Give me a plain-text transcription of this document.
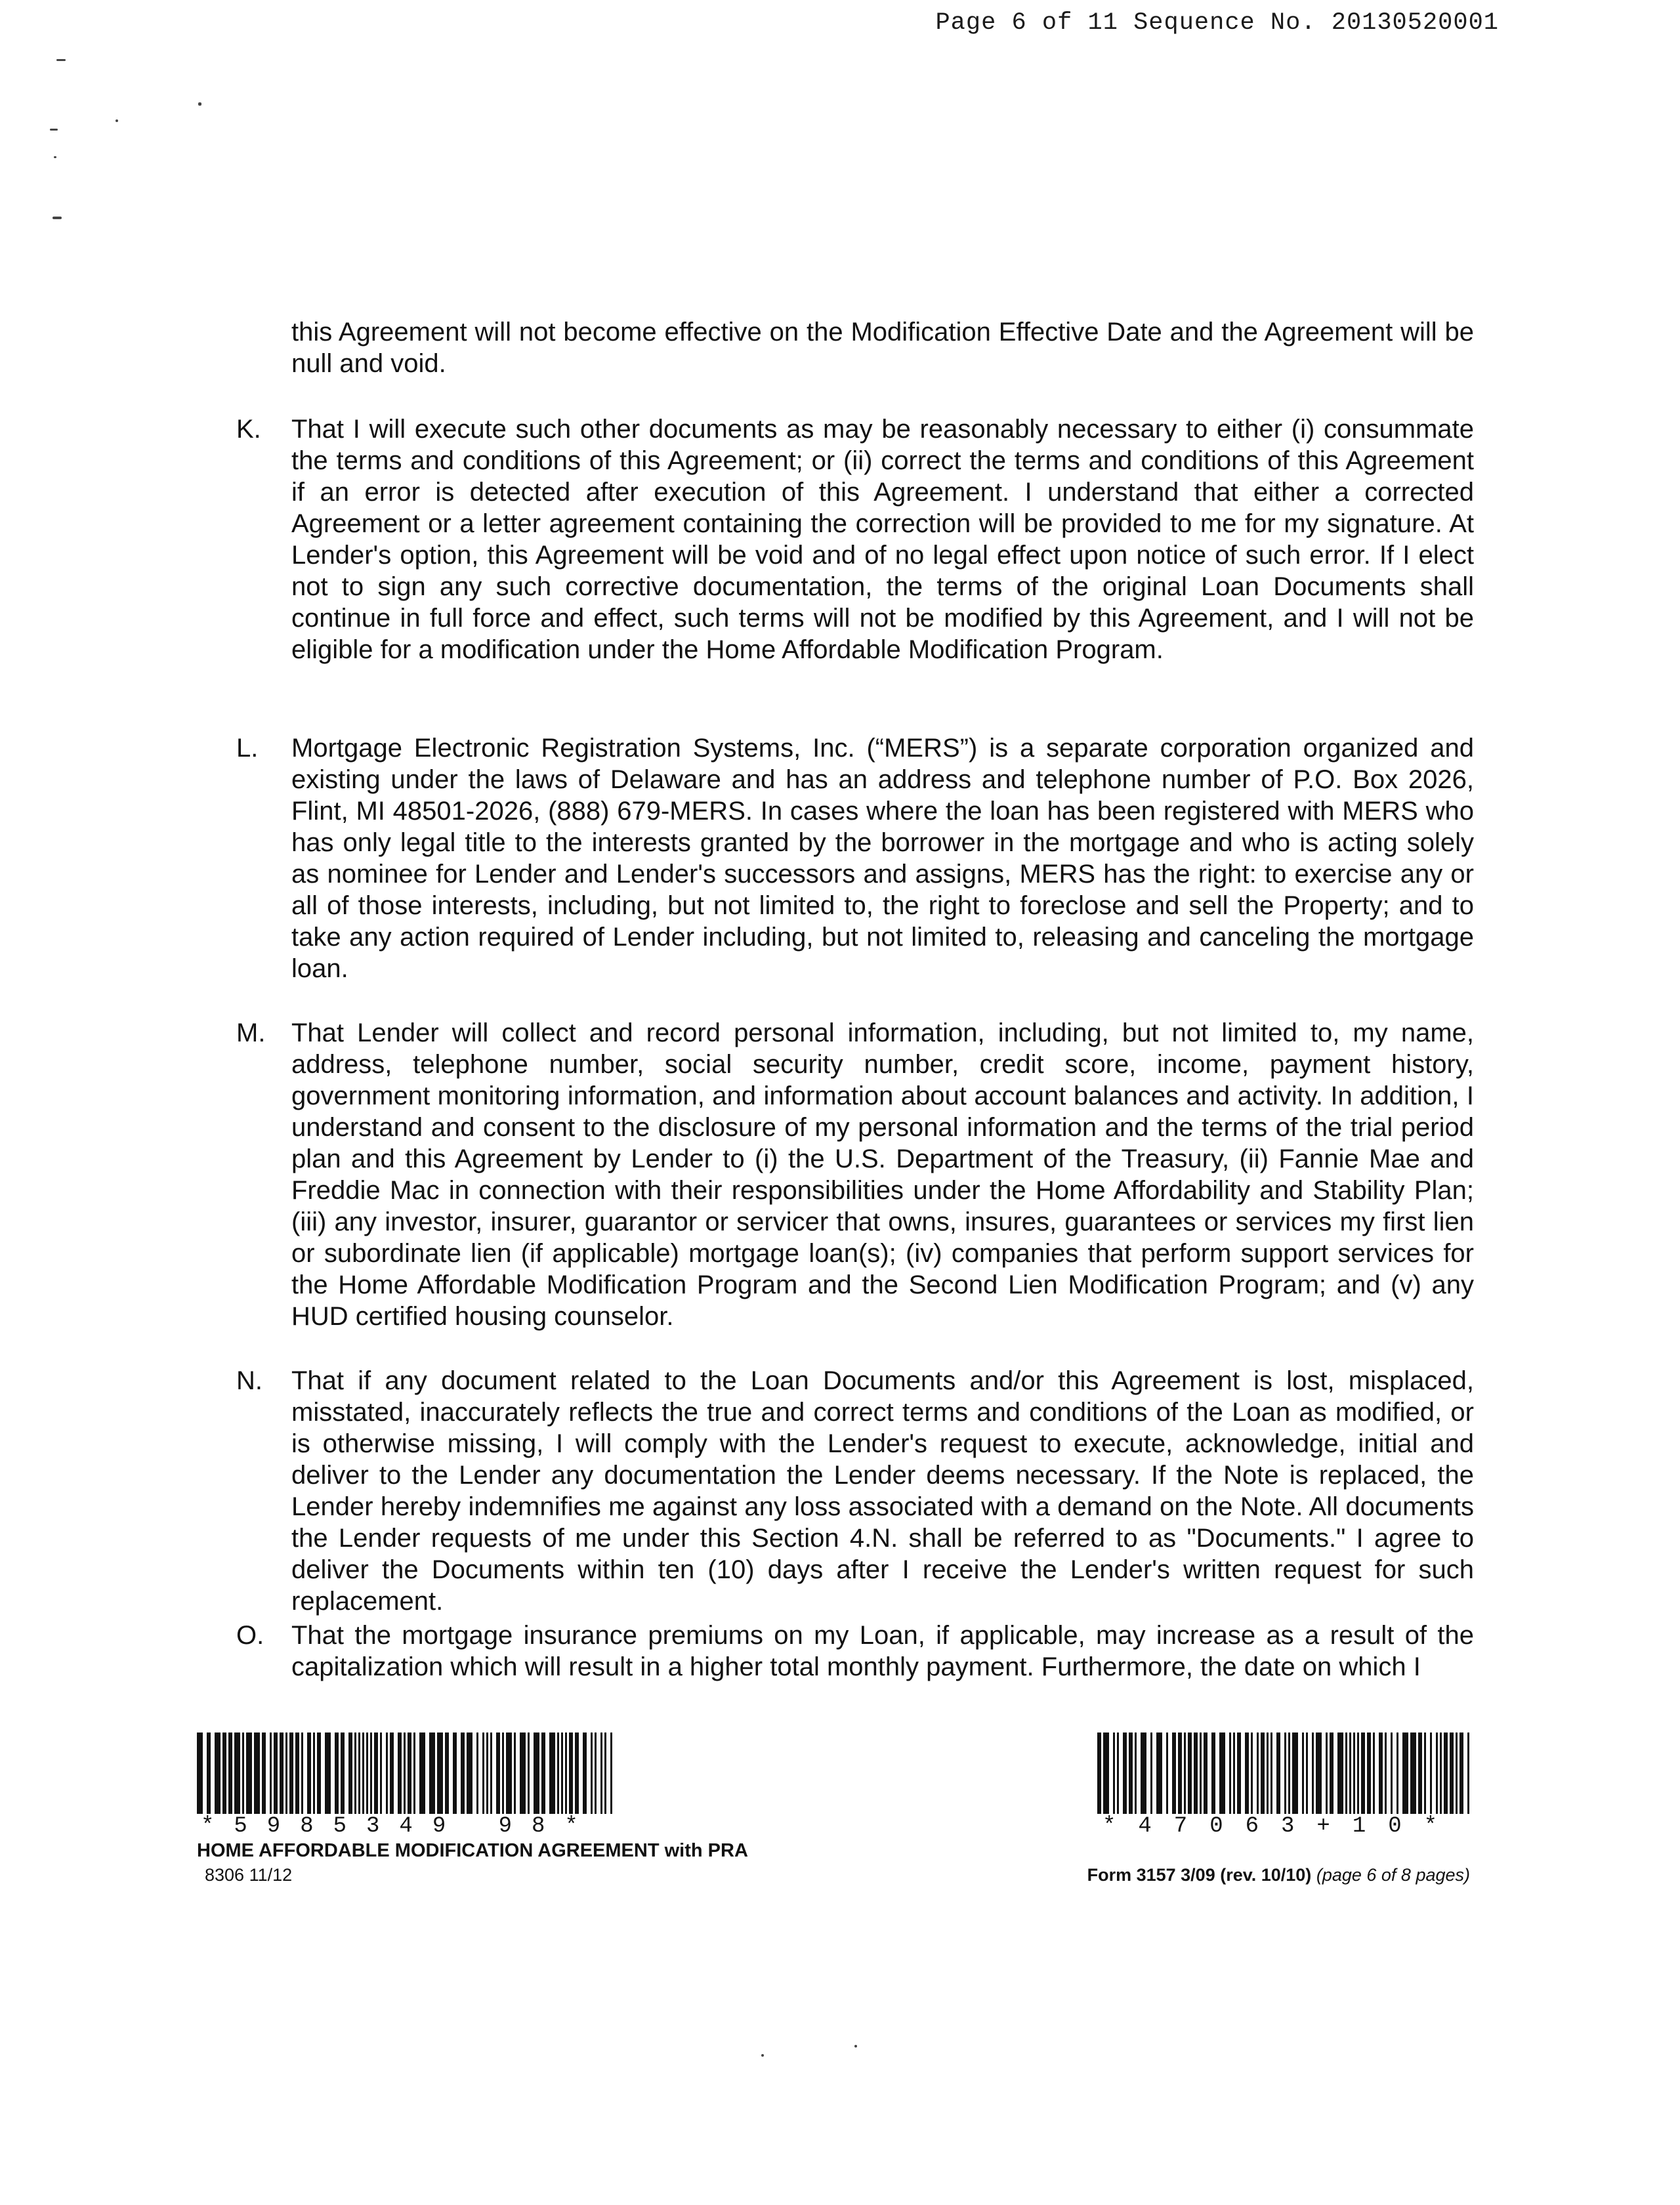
Page 6 of 11 Sequence No. 20130520001
this Agreement will not become effective on the Modification Effective Date and the Agreement will be null and void.
K.	That I will execute such other documents as may be reasonably necessary to either (i) consummate the terms and conditions of this Agreement; or (ii) correct the terms and conditions of this Agreement if an error is detected after execution of this Agreement. I understand that either a corrected Agreement or a letter agreement containing the correction will be provided to me for my signature. At Lender's option, this Agreement will be void and of no legal effect upon notice of such error. If I elect not to sign any such corrective documentation, the terms of the original Loan Documents shall continue in full force and effect, such terms will not be modified by this Agreement, and I will not be eligible for a modification under the Home Affordable Modification Program.
L.	Mortgage Electronic Registration Systems, Inc. (“MERS”) is a separate corporation organized and existing under the laws of Delaware and has an address and telephone number of P.O. Box 2026, Flint, MI 48501-2026, (888) 679-MERS. In cases where the loan has been registered with MERS who has only legal title to the interests granted by the borrower in the mortgage and who is acting solely as nominee for Lender and Lender's successors and assigns, MERS has the right: to exercise any or all of those interests, including, but not limited to, the right to foreclose and sell the Property; and to take any action required of Lender including, but not limited to, releasing and canceling the mortgage loan.
M. That Lender will collect and record personal information, including, but not limited to, my name, address, telephone number, social security number, credit score, income, payment history, government monitoring information, and information about account balances and activity. In addition, I understand and consent to the disclosure of my personal information and the terms of the trial period plan and this Agreement by Lender to (i) the U.S. Department of the Treasury, (ii) Fannie Mae and Freddie Mac in connection with their responsibilities under the Home Affordability and Stability Plan; (iii) any investor, insurer, guarantor or servicer that owns, insures, guarantees or services my first lien or subordinate lien (if applicable) mortgage loan(s); (iv) companies that perform support services for the Home Affordable Modification Program and the Second Lien Modification Program; and (v) any HUD certified housing counselor.
N.	That if any document related to the Loan Documents and/or this Agreement is lost, misplaced, misstated, inaccurately reflects the true and correct terms and conditions of the Loan as modified, or is otherwise missing, I will comply with the Lender's request to execute, acknowledge, initial and deliver to the Lender any documentation the Lender deems necessary. If the Note is replaced, the Lender hereby indemnifies me against any loss associated with a demand on the Note. All documents the Lender requests of me under this Section 4.N. shall be referred to as "Documents." I agree to deliver the Documents within ten (10) days after I receive the Lender's written request for such replacement.
O.	That the mortgage insurance premiums on my Loan, if applicable, may increase as a result of the capitalization which will result in a higher total monthly payment. Furthermore, the date on which I
*5985349 98*	*47063+10*
HOME AFFORDABLE MODIFICATION AGREEMENT with PRA
8306 11/12	Form 3157 3/09 (rev. 10/10) (page 6 of 8 pages)
